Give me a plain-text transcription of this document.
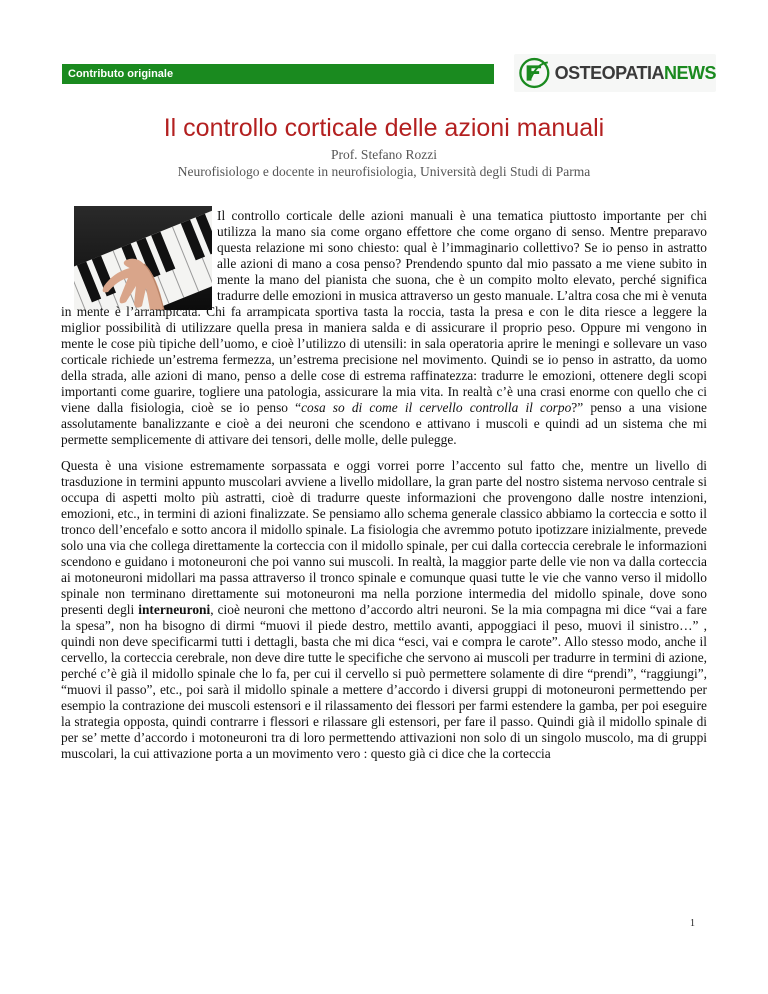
Contributo originale	OSTEOPATIANEWS
Il controllo corticale delle azioni manuali
Prof. Stefano Rozzi
Neurofisiologo e docente in neurofisiologia, Università degli Studi di Parma

Il controllo corticale delle azioni manuali è una tematica piuttosto importante per chi utilizza la mano sia come organo effettore che come organo di senso. Mentre preparavo questa relazione mi sono chiesto: qual è l’immaginario collettivo? Se io penso in astratto alle azioni di mano a cosa penso? Prendendo spunto dal mio passato a me viene subito in mente la mano del pianista che suona, che è un compito molto elevato, perché significa tradurre delle emozioni in musica attraverso un gesto manuale. L’altra cosa che mi è venuta in mente è l’arrampicata. Chi fa arrampicata sportiva tasta la roccia, tasta la presa e con le dita riesce a leggere la miglior possibilità di utilizzare quella presa in maniera salda e di assicurare il proprio peso. Oppure mi vengono in mente le cose più tipiche dell’uomo, e cioè l’utilizzo di utensili: in sala operatoria aprire le meningi e sollevare un vaso corticale richiede un’estrema fermezza, un’estrema precisione nel movimento. Quindi se io penso in astratto, da uomo della strada, alle azioni di mano, penso a delle cose di estrema raffinatezza: tradurre le emozioni, ottenere degli scopi importanti come guarire, togliere una patologia, assicurare la mia vita. In realtà c’è una crasi enorme con quello che ci viene dalla fisiologia, cioè se io penso “cosa so di come il cervello controlla il corpo?” penso a una visione assolutamente banalizzante e cioè a dei neuroni che scendono e attivano i muscoli e quindi ad un sistema che mi permette semplicemente di attivare dei tensori, delle molle, delle pulegge.

Questa è una visione estremamente sorpassata e oggi vorrei porre l’accento sul fatto che, mentre un livello di trasduzione in termini appunto muscolari avviene a livello midollare, la gran parte del nostro sistema nervoso centrale si occupa di aspetti molto più astratti, cioè di tradurre queste informazioni che provengono dalle nostre intenzioni, emozioni, etc., in termini di azioni finalizzate. Se pensiamo allo schema generale classico abbiamo la corteccia e sotto il tronco dell’encefalo e sotto ancora il midollo spinale. La fisiologia che avremmo potuto ipotizzare inizialmente, prevede solo una via che collega direttamente la corteccia con il midollo spinale, per cui dalla corteccia cerebrale le informazioni scendono e guidano i motoneuroni che poi vanno sui muscoli. In realtà, la maggior parte delle vie non va dalla corteccia ai motoneuroni midollari ma passa attraverso il tronco spinale e comunque quasi tutte le vie che vanno verso il midollo spinale non terminano direttamente sui motoneuroni ma nella porzione intermedia del midollo spinale, dove sono presenti degli interneuroni, cioè neuroni che mettono d’accordo altri neuroni. Se la mia compagna mi dice “vai a fare la spesa”, non ha bisogno di dirmi “muovi il piede destro, mettilo avanti, appoggiaci il peso, muovi il sinistro…” , quindi non deve specificarmi tutti i dettagli, basta che mi dica “esci, vai e compra le carote”. Allo stesso modo, anche il cervello, la corteccia cerebrale, non deve dire tutte le specifiche che servono ai muscoli per tradurre in termini di azione, perché c’è già il midollo spinale che lo fa, per cui il cervello si può permettere solamente di dire “prendi”, “raggiungi”, “muovi il passo”, etc., poi sarà il midollo spinale a mettere d’accordo i diversi gruppi di motoneuroni permettendo per esempio la contrazione dei muscoli estensori e il rilassamento dei flessori per farmi estendere la gamba, per poi eseguire la strategia opposta, quindi contrarre i flessori e rilassare gli estensori, per fare il passo. Quindi già il midollo spinale di per se’ mette d’accordo i motoneuroni tra di loro permettendo attivazioni non solo di un singolo muscolo, ma di gruppi muscolari, la cui attivazione porta a un movimento vero : questo già ci dice che la corteccia

1
